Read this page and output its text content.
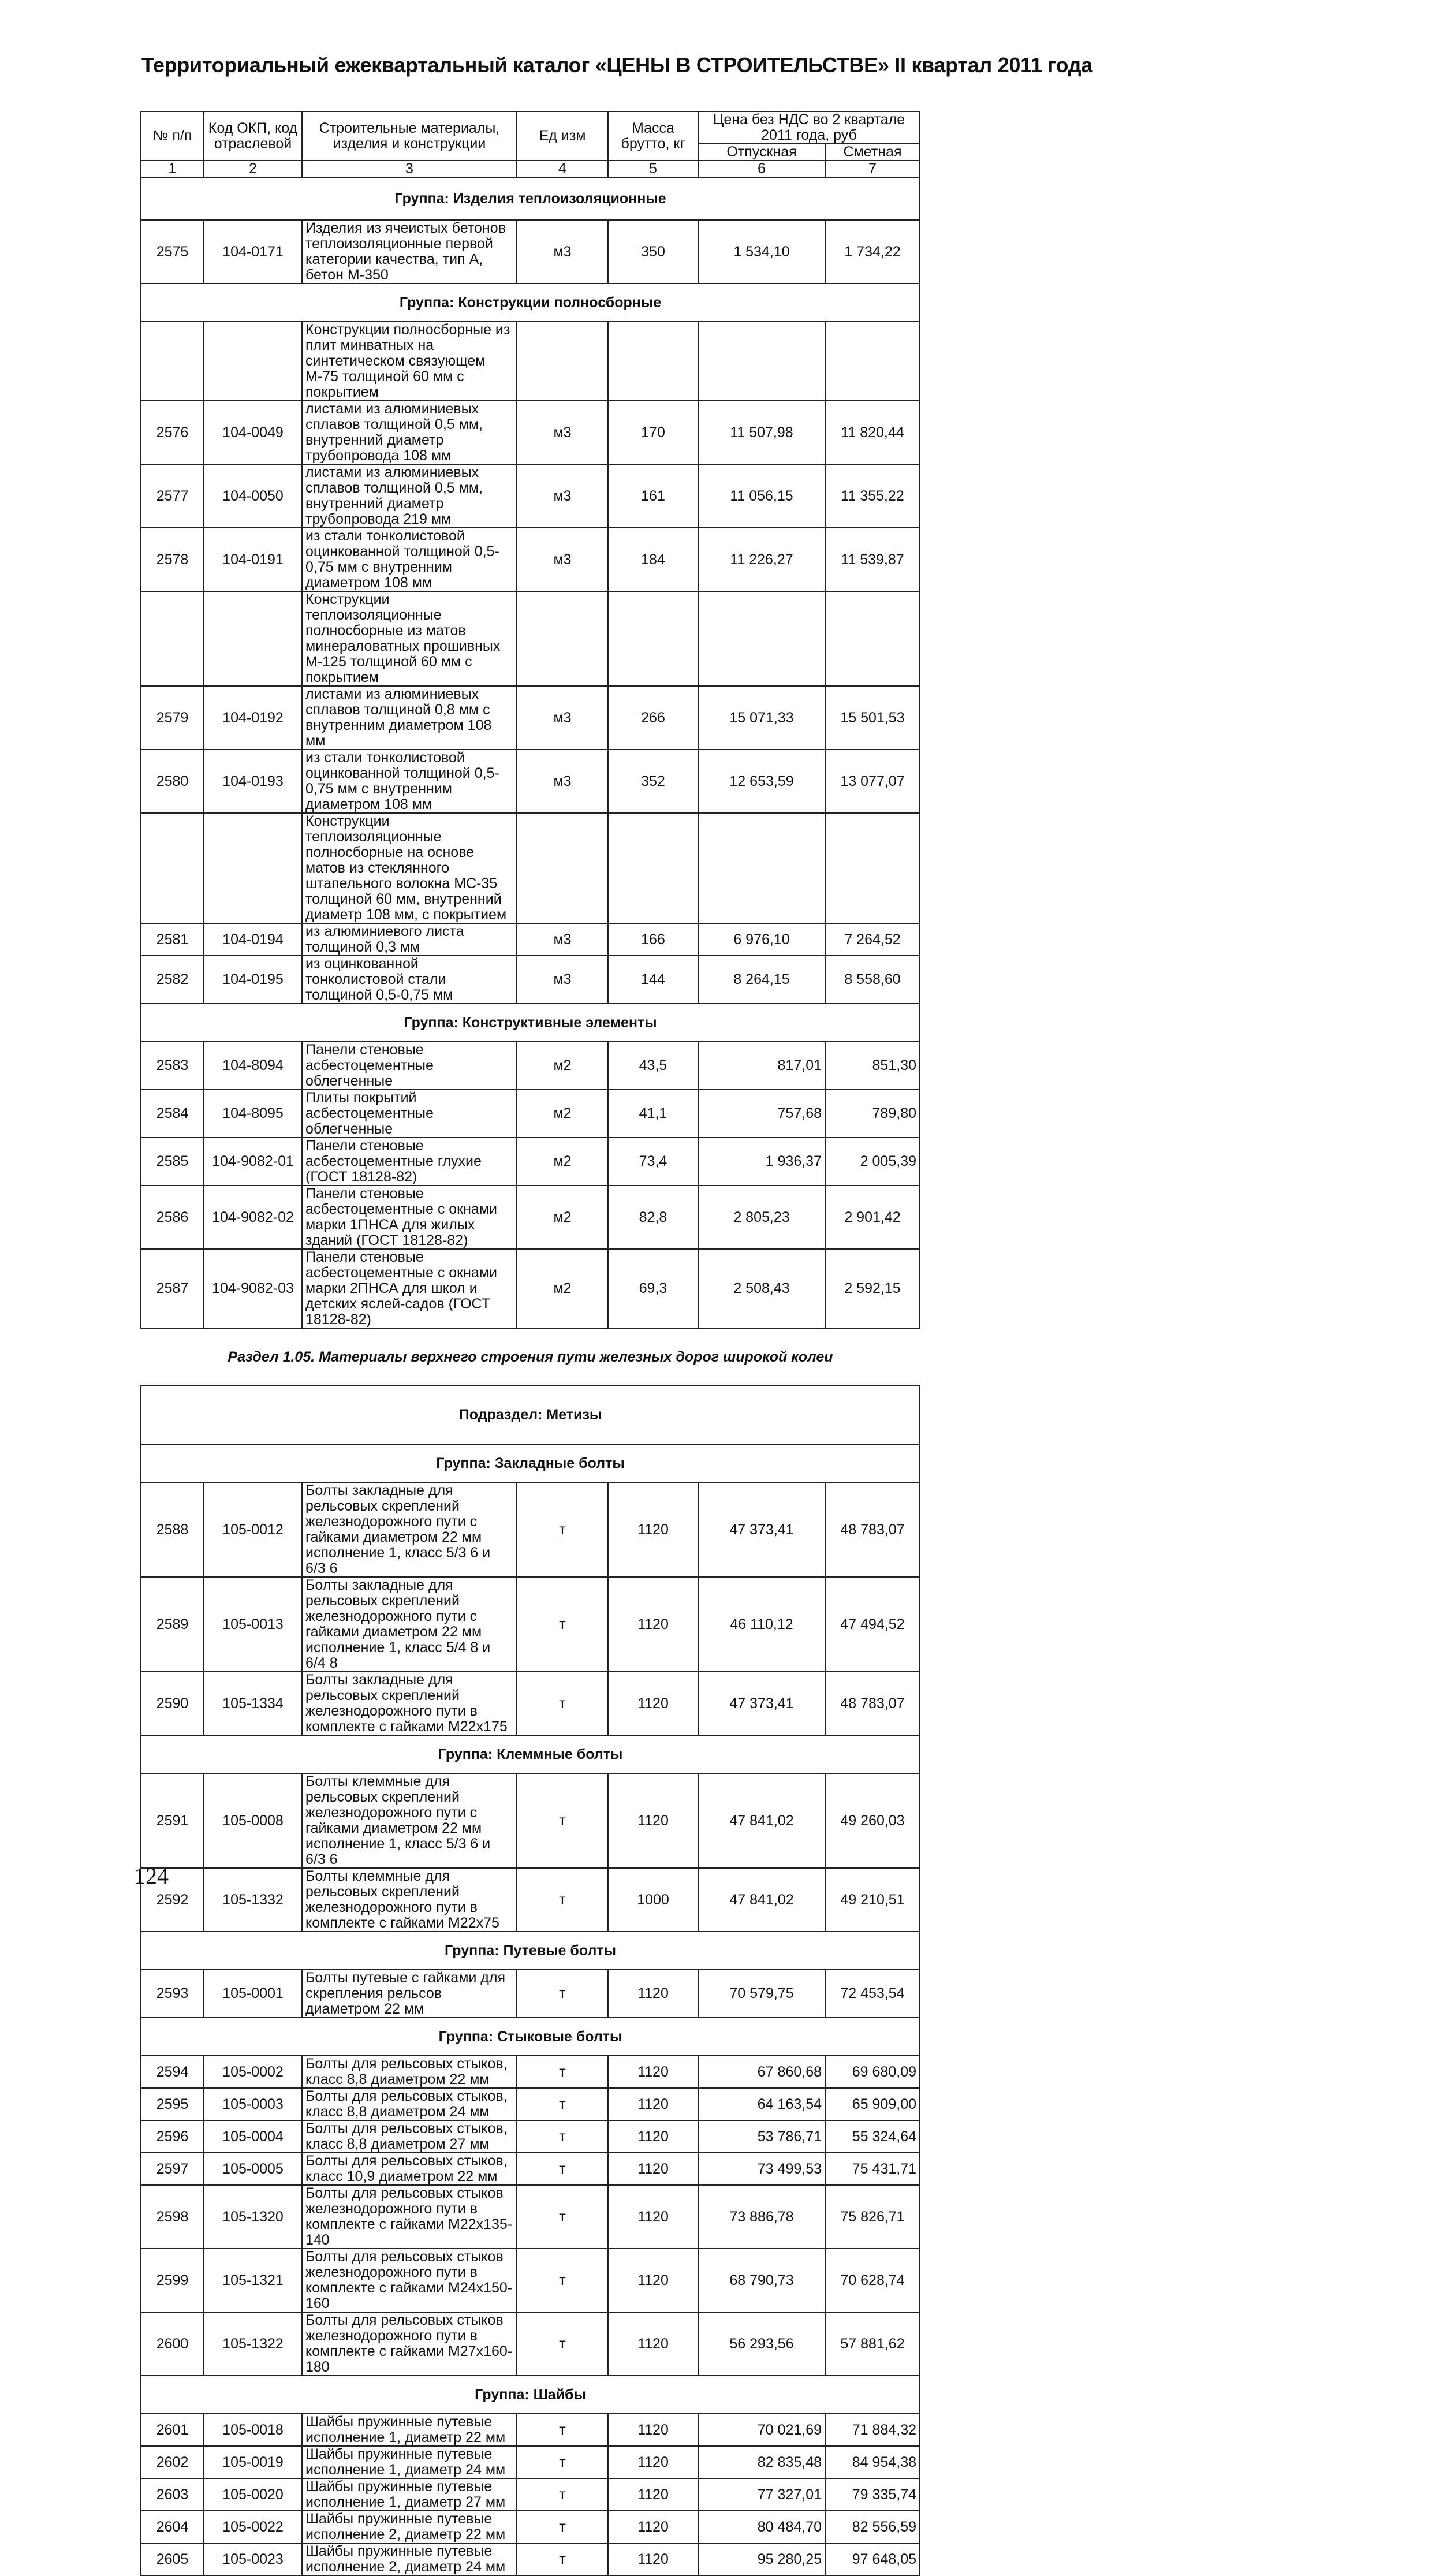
Территориальный ежеквартальный каталог «ЦЕНЫ В СТРОИТЕЛЬСТВЕ» II квартал 2011 года
№ п/п	Код ОКП, код отраслевой	Строительные материалы, изделия и конструкции	Ед изм	Масса брутто, кг	Цена без НДС во 2 квартале 2011 года, руб	
					Отпускная	Сметная
1	2	3	4	5	6	7
Группа: Изделия теплоизоляционные						
2575	104-0171	Изделия из ячеистых бетонов теплоизоляционные первой категории качества, тип А, бетон М-350	м3	350	1 534,10	1 734,22
Группа: Конструкции полносборные						
		Конструкции полносборные из плит минватных на синтетическом связующем М-75 толщиной 60 мм с покрытием				
2576	104-0049	листами из алюминиевых сплавов толщиной 0,5 мм, внутренний диаметр трубопровода 108 мм	м3	170	11 507,98	11 820,44
2577	104-0050	листами из алюминиевых сплавов толщиной 0,5 мм, внутренний диаметр трубопровода 219 мм	м3	161	11 056,15	11 355,22
2578	104-0191	из стали тонколистовой оцинкованной толщиной 0,5-0,75 мм с внутренним диаметром 108 мм	м3	184	11 226,27	11 539,87
		Конструкции теплоизоляционные полносборные из матов минераловатных прошивных М-125 толщиной 60 мм с покрытием				
2579	104-0192	листами из алюминиевых сплавов толщиной 0,8 мм с внутренним диаметром 108 мм	м3	266	15 071,33	15 501,53
2580	104-0193	из стали тонколистовой оцинкованной толщиной 0,5-0,75 мм с внутренним диаметром 108 мм	м3	352	12 653,59	13 077,07
		Конструкции теплоизоляционные полносборные на основе матов из стеклянного штапельного волокна МС-35 толщиной 60 мм, внутренний диаметр 108 мм, с покрытием				
2581	104-0194	из алюминиевого листа толщиной 0,3 мм	м3	166	6 976,10	7 264,52
2582	104-0195	из оцинкованной тонколистовой стали толщиной 0,5-0,75 мм	м3	144	8 264,15	8 558,60
Группа: Конструктивные элементы						
2583	104-8094	Панели стеновые асбестоцементные облегченные	м2	43,5	817,01	851,30
2584	104-8095	Плиты покрытий асбестоцементные облегченные	м2	41,1	757,68	789,80
2585	104-9082-01	Панели стеновые асбестоцементные глухие (ГОСТ 18128-82)	м2	73,4	1 936,37	2 005,39
2586	104-9082-02	Панели стеновые асбестоцементные с окнами марки 1ПНСА для жилых зданий (ГОСТ 18128-82)	м2	82,8	2 805,23	2 901,42
2587	104-9082-03	Панели стеновые асбестоцементные с окнами марки 2ПНСА для школ и детских яслей-садов (ГОСТ 18128-82)	м2	69,3	2 508,43	2 592,15
Раздел 1.05. Материалы верхнего строения пути железных дорог широкой колеи						
Подраздел: Метизы						
Группа: Закладные болты						
2588	105-0012	Болты закладные для рельсовых скреплений железнодорожного пути с гайками диаметром 22 мм исполнение 1, класс 5/3 6 и 6/3 6	т	1120	47 373,41	48 783,07
2589	105-0013	Болты закладные для рельсовых скреплений железнодорожного пути с гайками диаметром 22 мм исполнение 1, класс 5/4 8 и 6/4 8	т	1120	46 110,12	47 494,52
2590	105-1334	Болты закладные для рельсовых скреплений железнодорожного пути в комплекте с гайками М22х175	т	1120	47 373,41	48 783,07
Группа: Клеммные болты						
2591	105-0008	Болты клеммные для рельсовых скреплений железнодорожного пути с гайками диаметром 22 мм исполнение 1, класс 5/3 6 и 6/3 6	т	1120	47 841,02	49 260,03
2592	105-1332	Болты клеммные для рельсовых скреплений железнодорожного пути в комплекте с гайками М22х75	т	1000	47 841,02	49 210,51
Группа: Путевые болты						
2593	105-0001	Болты путевые с гайками для скрепления рельсов диаметром 22 мм	т	1120	70 579,75	72 453,54
Группа: Стыковые болты						
2594	105-0002	Болты для рельсовых стыков, класс 8,8 диаметром 22 мм	т	1120	67 860,68	69 680,09
2595	105-0003	Болты для рельсовых стыков, класс 8,8 диаметром 24 мм	т	1120	64 163,54	65 909,00
2596	105-0004	Болты для рельсовых стыков, класс 8,8 диаметром 27 мм	т	1120	53 786,71	55 324,64
2597	105-0005	Болты для рельсовых стыков, класс 10,9 диаметром 22 мм	т	1120	73 499,53	75 431,71
2598	105-1320	Болты для рельсовых стыков железнодорожного пути в комплекте с гайками М22х135-140	т	1120	73 886,78	75 826,71
2599	105-1321	Болты для рельсовых стыков железнодорожного пути в комплекте с гайками М24х150-160	т	1120	68 790,73	70 628,74
2600	105-1322	Болты для рельсовых стыков железнодорожного пути в комплекте с гайками М27х160-180	т	1120	56 293,56	57 881,62
Группа: Шайбы						
2601	105-0018	Шайбы пружинные путевые исполнение 1, диаметр 22 мм	т	1120	70 021,69	71 884,32
2602	105-0019	Шайбы пружинные путевые исполнение 1, диаметр 24 мм	т	1120	82 835,48	84 954,38
2603	105-0020	Шайбы пружинные путевые исполнение 1, диаметр 27 мм	т	1120	77 327,01	79 335,74
2604	105-0022	Шайбы пружинные путевые исполнение 2, диаметр 22 мм	т	1120	80 484,70	82 556,59
2605	105-0023	Шайбы пружинные путевые исполнение 2, диаметр 24 мм	т	1120	95 280,25	97 648,05
124
